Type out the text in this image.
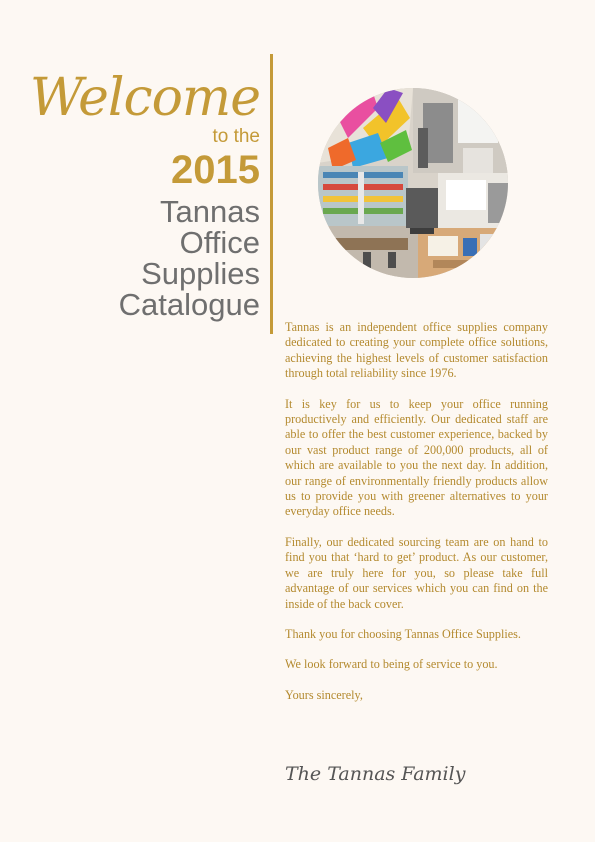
Welcome
to the
2015
Tannas
Office
Supplies
Catalogue

Tannas is an independent office supplies company dedicated to creating your complete office solutions, achieving the highest levels of customer satisfaction through total reliability since 1976.

It is key for us to keep your office running productively and efficiently. Our dedicated staff are able to offer the best customer experience, backed by our vast product range of 200,000 products, all of which are available to you the next day. In addition, our range of environmentally friendly products allow us to provide you with greener alternatives to your everyday office needs.

Finally, our dedicated sourcing team are on hand to find you that ‘hard to get’ product. As our customer, we are truly here for you, so please take full advantage of our services which you can find on the inside of the back cover.

Thank you for choosing Tannas Office Supplies.

We look forward to being of service to you.

Yours sincerely,

The Tannas Family
